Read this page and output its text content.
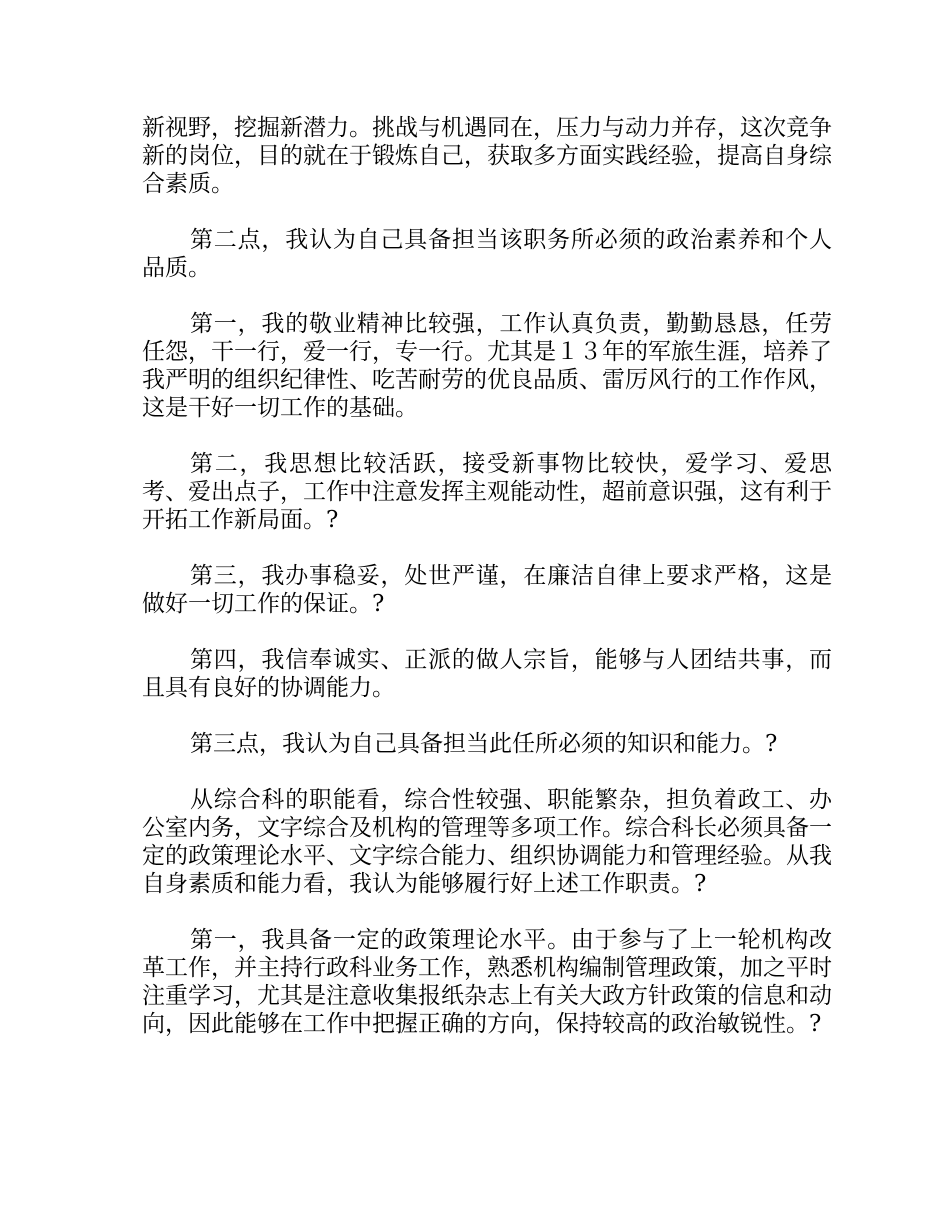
新视野，挖掘新潜力。挑战与机遇同在，压力与动力并存，这次竞争新的岗位，目的就在于锻炼自己，获取多方面实践经验，提高自身综合素质。

第二点，我认为自己具备担当该职务所必须的政治素养和个人品质。

第一，我的敬业精神比较强，工作认真负责，勤勤恳恳，任劳任怨，干一行，爱一行，专一行。尤其是１３年的军旅生涯，培养了我严明的组织纪律性、吃苦耐劳的优良品质、雷厉风行的工作作风，这是干好一切工作的基础。

第二，我思想比较活跃，接受新事物比较快，爱学习、爱思考、爱出点子，工作中注意发挥主观能动性，超前意识强，这有利于开拓工作新局面。?

第三，我办事稳妥，处世严谨，在廉洁自律上要求严格，这是做好一切工作的保证。?

第四，我信奉诚实、正派的做人宗旨，能够与人团结共事，而且具有良好的协调能力。

第三点，我认为自己具备担当此任所必须的知识和能力。?

从综合科的职能看，综合性较强、职能繁杂，担负着政工、办公室内务，文字综合及机构的管理等多项工作。综合科长必须具备一定的政策理论水平、文字综合能力、组织协调能力和管理经验。从我自身素质和能力看，我认为能够履行好上述工作职责。?

第一，我具备一定的政策理论水平。由于参与了上一轮机构改革工作，并主持行政科业务工作，熟悉机构编制管理政策，加之平时注重学习，尤其是注意收集报纸杂志上有关大政方针政策的信息和动向，因此能够在工作中把握正确的方向，保持较高的政治敏锐性。?
